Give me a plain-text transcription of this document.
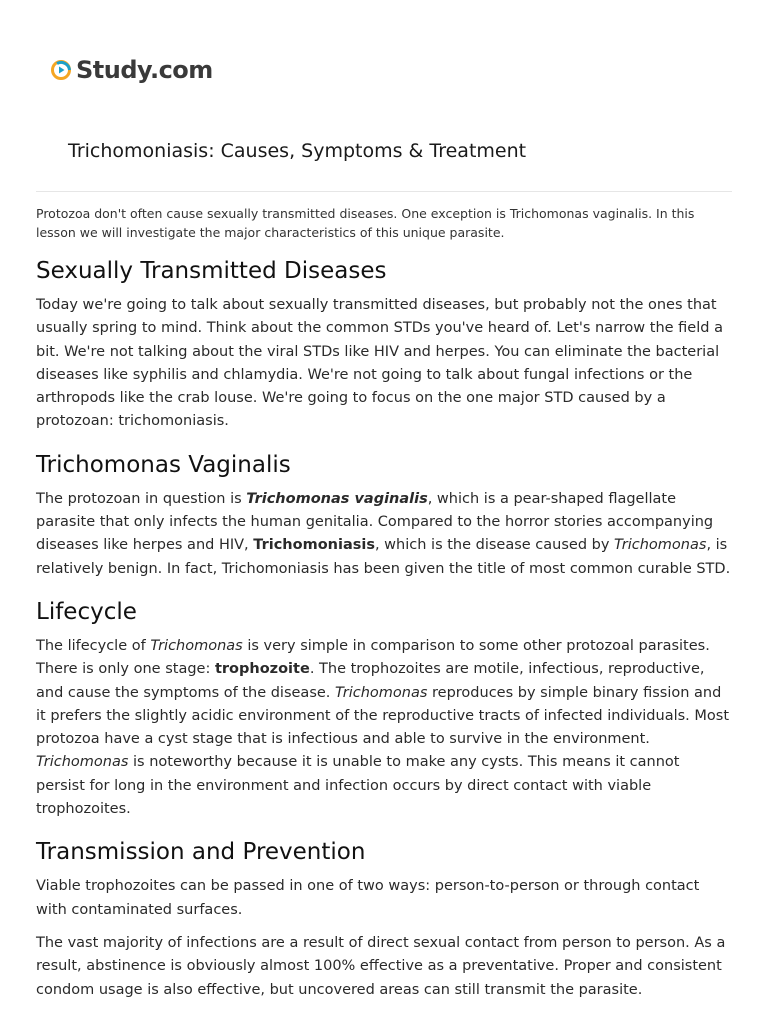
Study.com
Trichomoniasis: Causes, Symptoms & Treatment

Protozoa don't often cause sexually transmitted diseases. One exception is Trichomonas vaginalis. In this lesson we will investigate the major characteristics of this unique parasite.

Sexually Transmitted Diseases

Today we're going to talk about sexually transmitted diseases, but probably not the ones that usually spring to mind. Think about the common STDs you've heard of. Let's narrow the field a bit. We're not talking about the viral STDs like HIV and herpes. You can eliminate the bacterial diseases like syphilis and chlamydia. We're not going to talk about fungal infections or the arthropods like the crab louse. We're going to focus on the one major STD caused by a protozoan: trichomoniasis.

Trichomonas Vaginalis

The protozoan in question is Trichomonas vaginalis, which is a pear-shaped flagellate parasite that only infects the human genitalia. Compared to the horror stories accompanying diseases like herpes and HIV, Trichomoniasis, which is the disease caused by Trichomonas, is relatively benign. In fact, Trichomoniasis has been given the title of most common curable STD.

Lifecycle

The lifecycle of Trichomonas is very simple in comparison to some other protozoal parasites. There is only one stage: trophozoite. The trophozoites are motile, infectious, reproductive, and cause the symptoms of the disease. Trichomonas reproduces by simple binary fission and it prefers the slightly acidic environment of the reproductive tracts of infected individuals. Most protozoa have a cyst stage that is infectious and able to survive in the environment. Trichomonas is noteworthy because it is unable to make any cysts. This means it cannot persist for long in the environment and infection occurs by direct contact with viable trophozoites.

Transmission and Prevention

Viable trophozoites can be passed in one of two ways: person-to-person or through contact with contaminated surfaces.

The vast majority of infections are a result of direct sexual contact from person to person. As a result, abstinence is obviously almost 100% effective as a preventative. Proper and consistent condom usage is also effective, but uncovered areas can still transmit the parasite.
